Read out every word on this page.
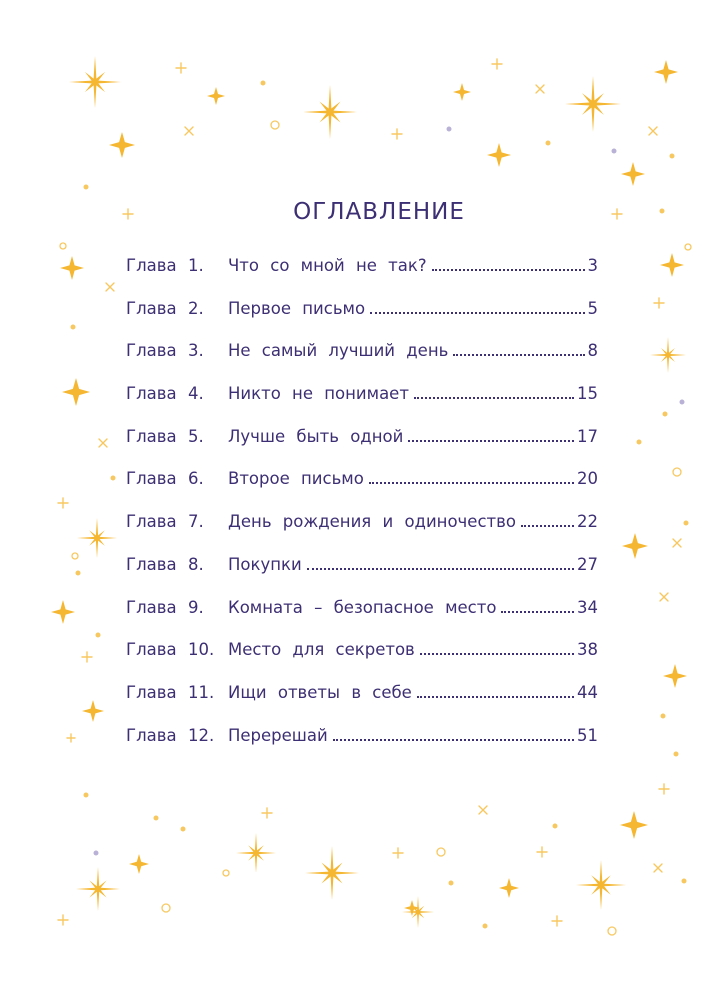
ОГЛАВЛЕНИЕ
Глава 1.	Что со мной не так?	3
Глава 2.	Первое письмо	5
Глава 3.	Не самый лучший день	8
Глава 4.	Никто не понимает	15
Глава 5.	Лучше быть одной	17
Глава 6.	Второе письмо	20
Глава 7.	День рождения и одиночество	22
Глава 8.	Покупки	27
Глава 9.	Комната – безопасное место	34
Глава 10. Место для секретов	38
Глава 11. Ищи ответы в себе	44
Глава 12. Перерешай	51
